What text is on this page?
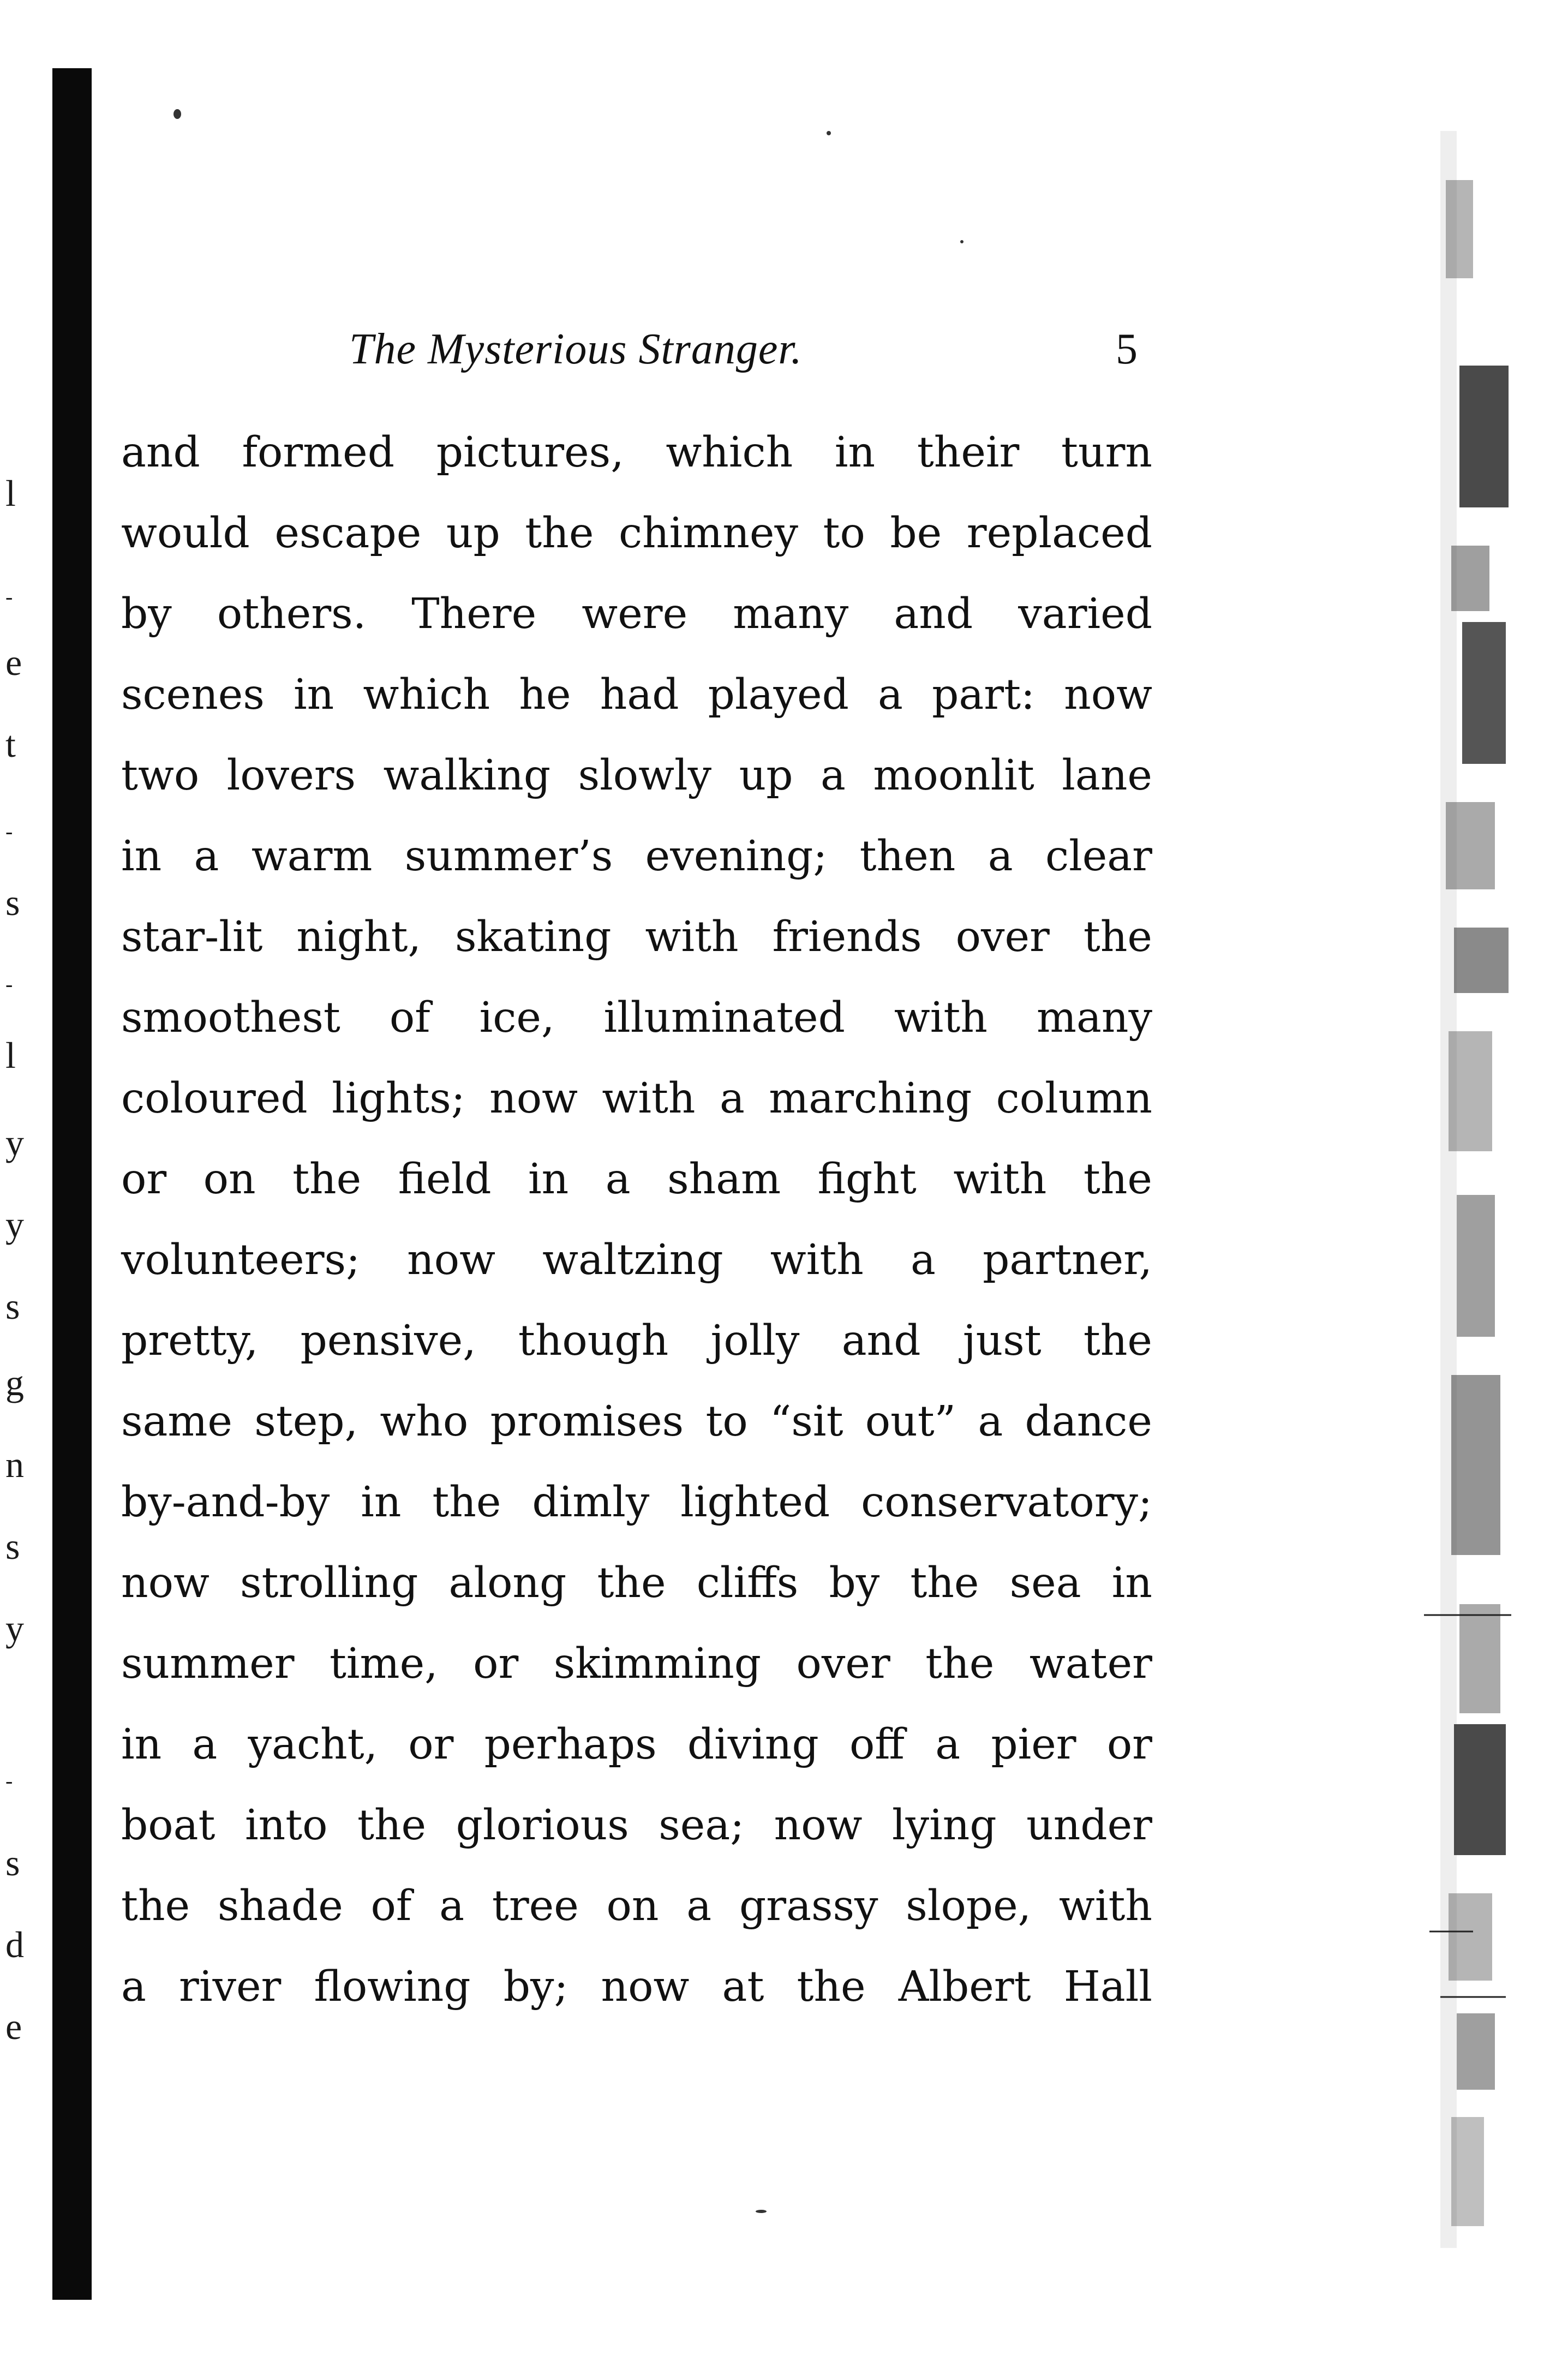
l
-
e
t
-
s
-
l
y
y
s
g
n
s
y
-
s
d
e
The Mysterious Stranger.	5
and formed pictures, which in their turn
would escape up the chimney to be replaced
by others. There were many and varied
scenes in which he had played a part: now
two lovers walking slowly up a moonlit lane
in a warm summer’s evening; then a clear
star-lit night, skating with friends over the
smoothest of ice, illuminated with many
coloured lights; now with a marching column
or on the field in a sham fight with the
volunteers; now waltzing with a partner,
pretty, pensive, though jolly and just the
same step, who promises to “sit out” a dance
by-and-by in the dimly lighted conservatory;
now strolling along the cliffs by the sea in
summer time, or skimming over the water
in a yacht, or perhaps diving off a pier or
boat into the glorious sea; now lying under
the shade of a tree on a grassy slope, with
a river flowing by; now at the Albert Hall
